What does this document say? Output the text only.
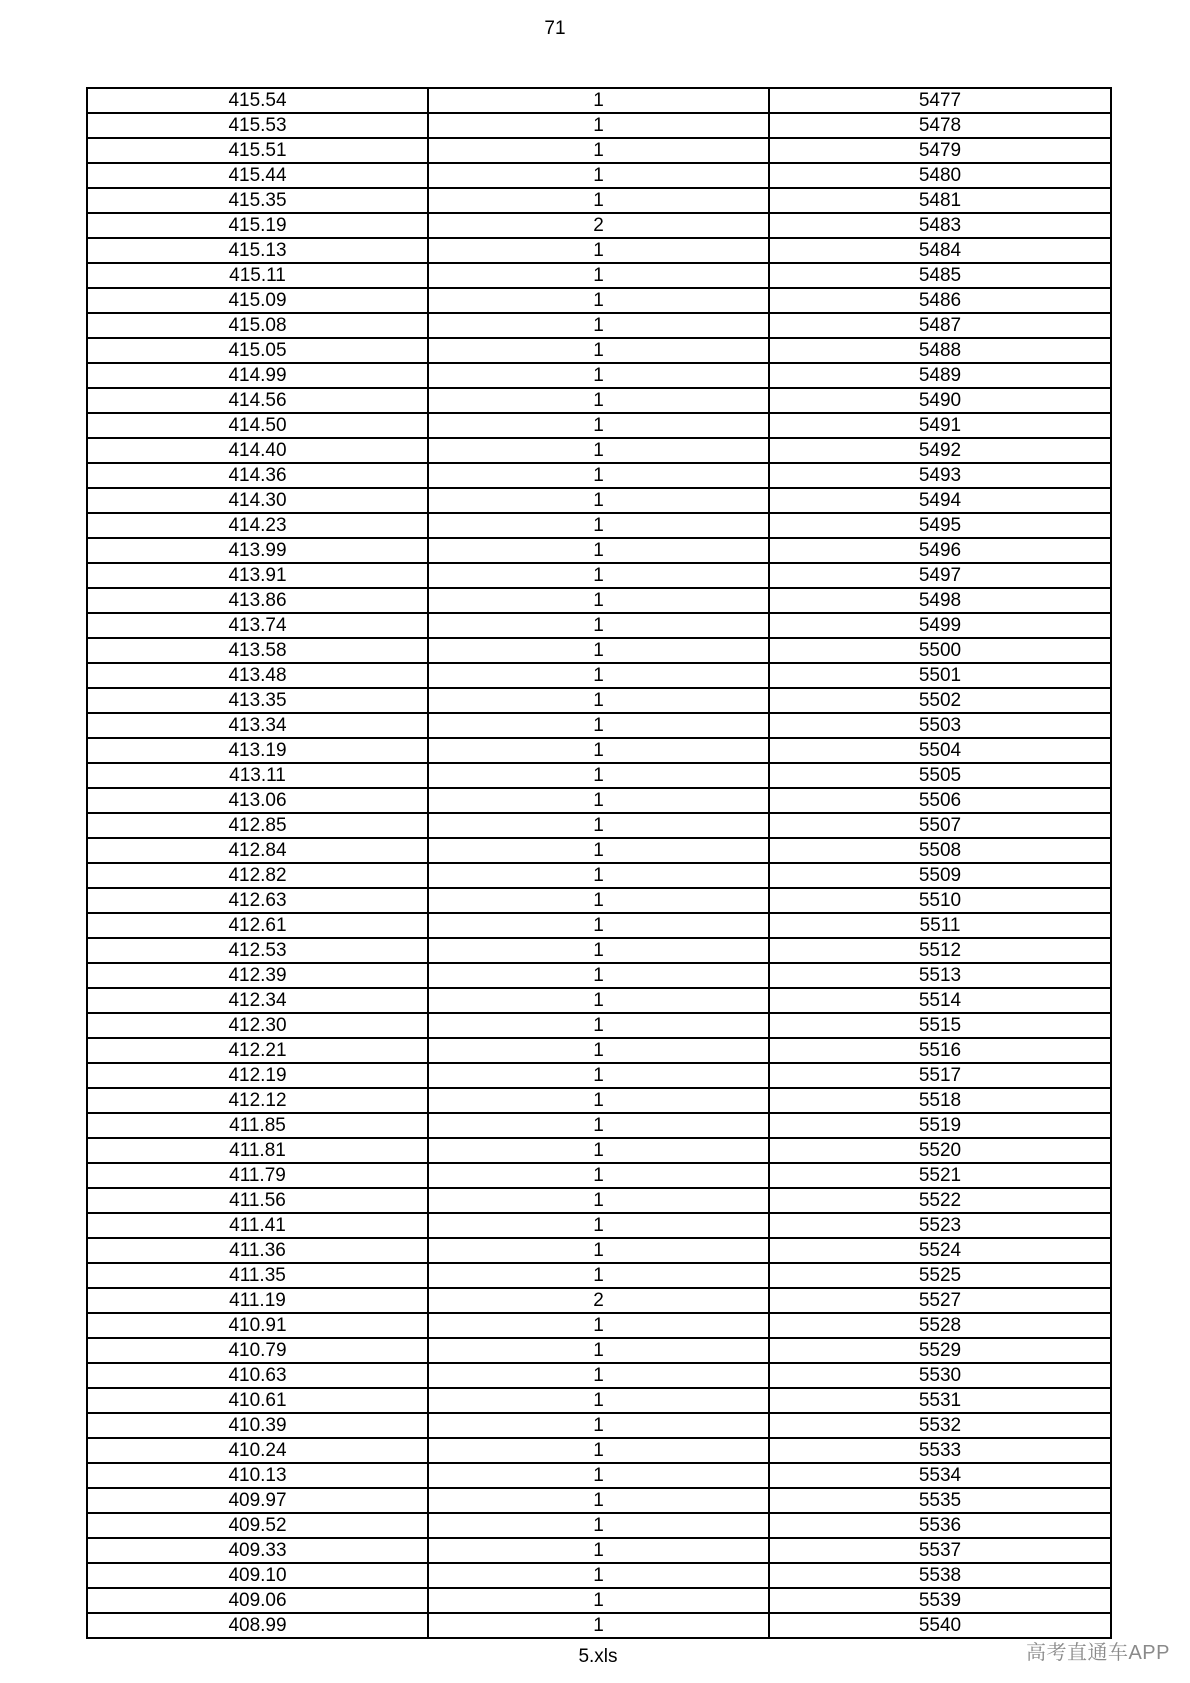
71
415.54	1	5477
415.53	1	5478
415.51	1	5479
415.44	1	5480
415.35	1	5481
415.19	2	5483
415.13	1	5484
415.11	1	5485
415.09	1	5486
415.08	1	5487
415.05	1	5488
414.99	1	5489
414.56	1	5490
414.50	1	5491
414.40	1	5492
414.36	1	5493
414.30	1	5494
414.23	1	5495
413.99	1	5496
413.91	1	5497
413.86	1	5498
413.74	1	5499
413.58	1	5500
413.48	1	5501
413.35	1	5502
413.34	1	5503
413.19	1	5504
413.11	1	5505
413.06	1	5506
412.85	1	5507
412.84	1	5508
412.82	1	5509
412.63	1	5510
412.61	1	5511
412.53	1	5512
412.39	1	5513
412.34	1	5514
412.30	1	5515
412.21	1	5516
412.19	1	5517
412.12	1	5518
411.85	1	5519
411.81	1	5520
411.79	1	5521
411.56	1	5522
411.41	1	5523
411.36	1	5524
411.35	1	5525
411.19	2	5527
410.91	1	5528
410.79	1	5529
410.63	1	5530
410.61	1	5531
410.39	1	5532
410.24	1	5533
410.13	1	5534
409.97	1	5535
409.52	1	5536
409.33	1	5537
409.10	1	5538
409.06	1	5539
408.99	1	5540
5.xls	高考直通车APP
